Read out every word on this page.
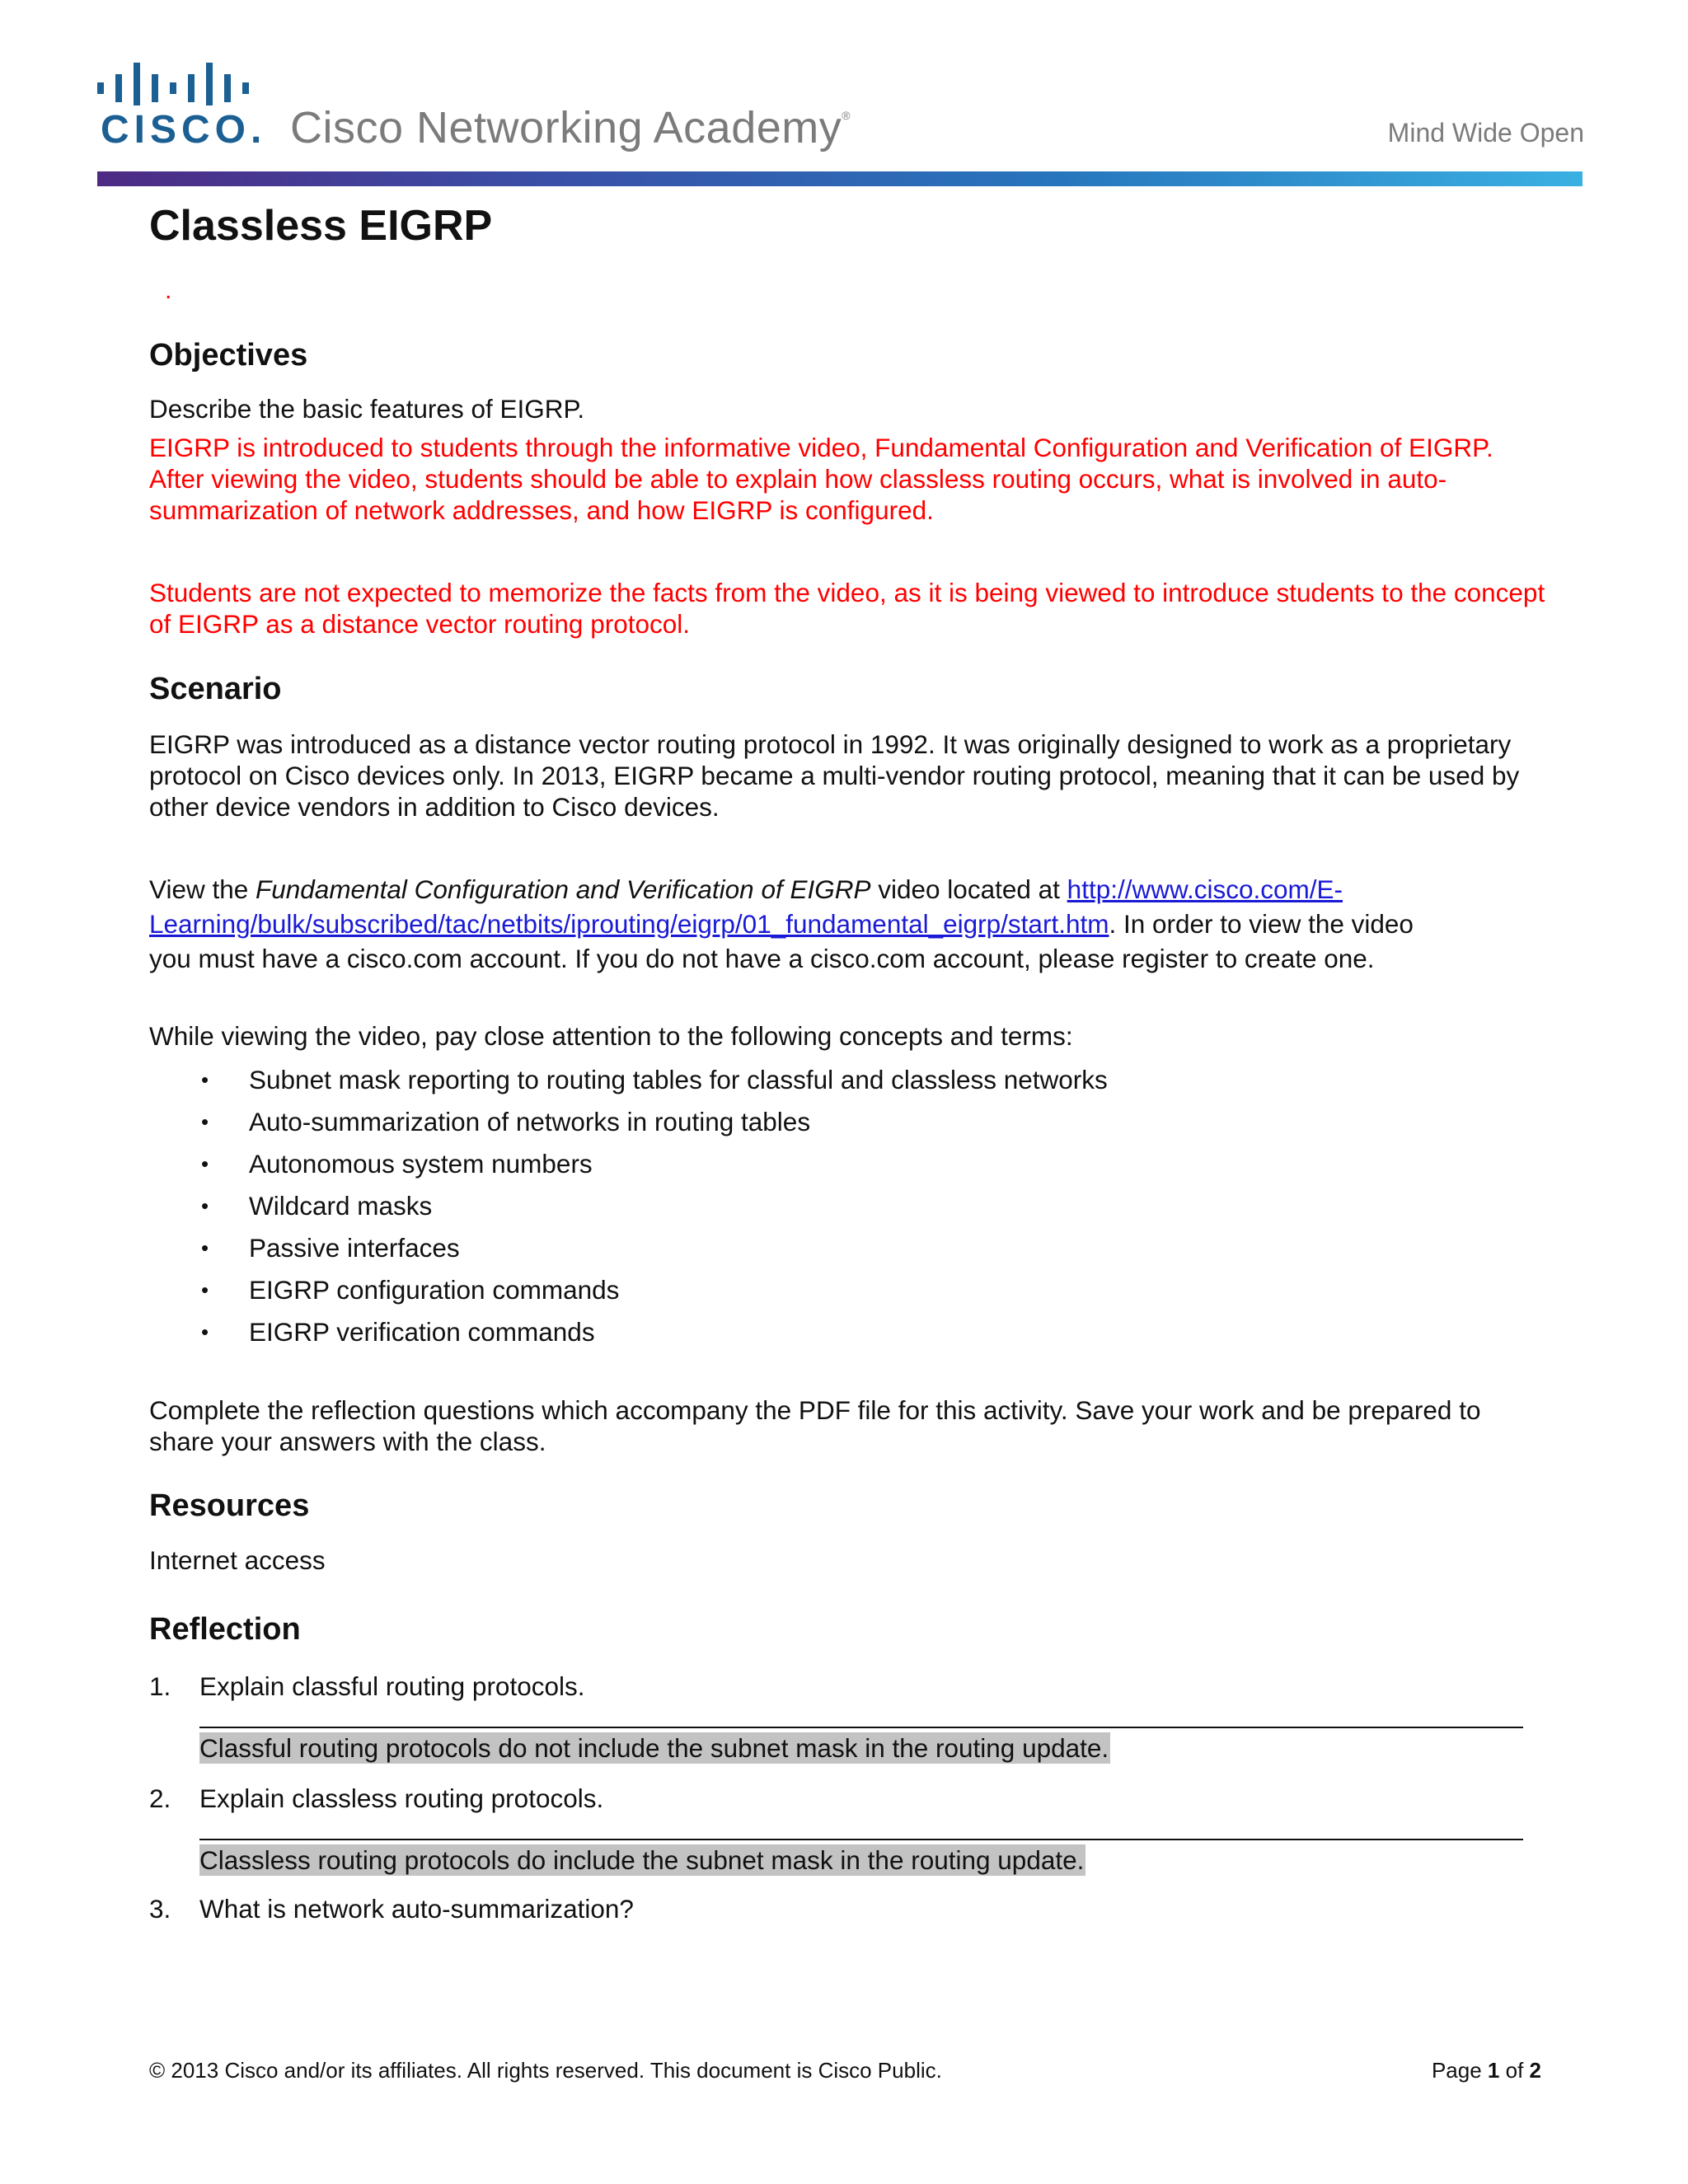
CISCO. Cisco Networking Academy®
Mind Wide Open
Classless EIGRP
.
Objectives

Describe the basic features of EIGRP.

EIGRP is introduced to students through the informative video, Fundamental Configuration and Verification of EIGRP. After viewing the video, students should be able to explain how classless routing occurs, what is involved in auto-summarization of network addresses, and how EIGRP is configured.

Students are not expected to memorize the facts from the video, as it is being viewed to introduce students to the concept of EIGRP as a distance vector routing protocol.

Scenario

EIGRP was introduced as a distance vector routing protocol in 1992. It was originally designed to work as a proprietary protocol on Cisco devices only. In 2013, EIGRP became a multi-vendor routing protocol, meaning that it can be used by other device vendors in addition to Cisco devices.

View the Fundamental Configuration and Verification of EIGRP video located at http://www.cisco.com/E-
Learning/bulk/subscribed/tac/netbits/iprouting/eigrp/01_fundamental_eigrp/start.htm. In order to view the video
you must have a cisco.com account. If you do not have a cisco.com account, please register to create one.

While viewing the video, pay close attention to the following concepts and terms:

• Subnet mask reporting to routing tables for classful and classless networks
• Auto-summarization of networks in routing tables
• Autonomous system numbers
• Wildcard masks
• Passive interfaces
• EIGRP configuration commands
• EIGRP verification commands

Complete the reflection questions which accompany the PDF file for this activity. Save your work and be prepared to share your answers with the class.

Resources

Internet access

Reflection
1. Explain classful routing protocols.
Classful routing protocols do not include the subnet mask in the routing update.
2. Explain classless routing protocols.
Classless routing protocols do include the subnet mask in the routing update.
3. What is network auto-summarization?
© 2013 Cisco and/or its affiliates. All rights reserved. This document is Cisco Public.	Page 1 of 2
